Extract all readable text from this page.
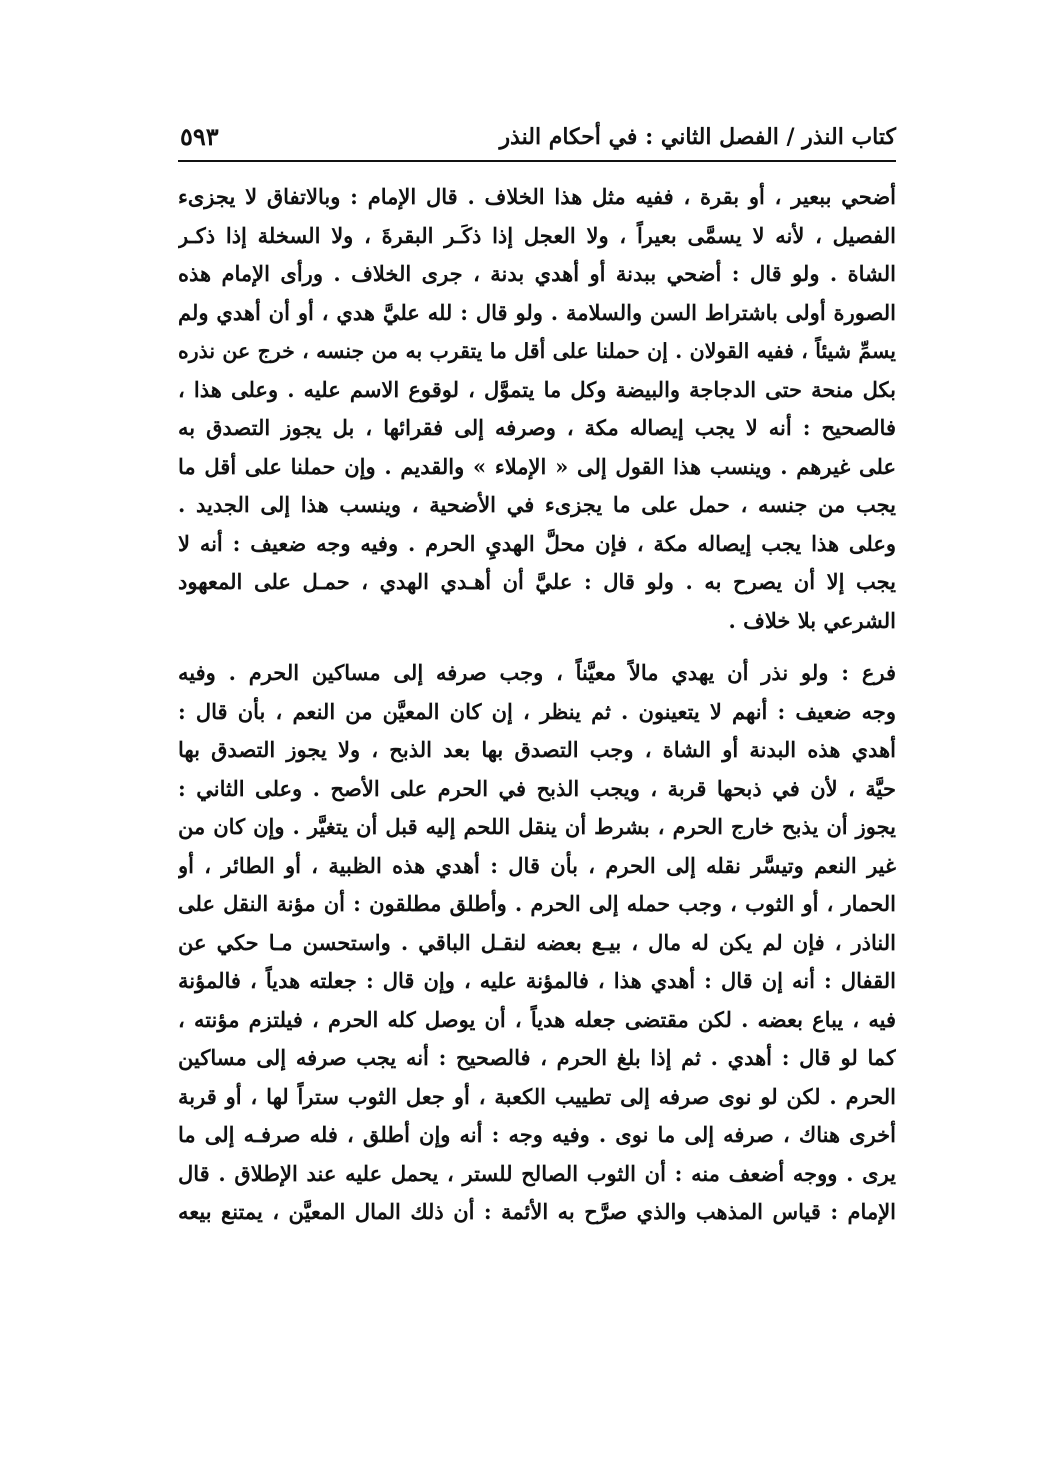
كتاب النذر / الفصل الثاني : في أحكام النذر
٥٩٣
أضحي ببعير ، أو بقرة ، ففيه مثل هذا الخلاف . قال الإمام : وبالاتفاق لا يجزىء
الفصيل ، لأنه لا يسمَّى بعيراً ، ولا العجل إذا ذكَـر البقرةَ ، ولا السخلة إذا ذكـر
الشاة . ولو قال : أضحي ببدنة أو أهدي بدنة ، جرى الخلاف . ورأى الإمام هذه
الصورة أولى باشتراط السن والسلامة . ولو قال : لله عليَّ هدي ، أو أن أهدي ولم
يسمِّ شيئاً ، ففيه القولان . إن حملنا على أقل ما يتقرب به من جنسه ، خرج عن نذره
بكل منحة حتى الدجاجة والبيضة وكل ما يتموَّل ، لوقوع الاسم عليه . وعلى هذا ،
فالصحيح : أنه لا يجب إيصاله مكة ، وصرفه إلى فقرائها ، بل يجوز التصدق به
على غيرهم . وينسب هذا القول إلى « الإملاء » والقديم . وإن حملنا على أقل ما
يجب من جنسه ، حمل على ما يجزىء في الأضحية ، وينسب هذا إلى الجديد .
وعلى هذا يجب إيصاله مكة ، فإن محلَّ الهديِ الحرم . وفيه وجه ضعيف : أنه لا
يجب إلا أن يصرح به . ولو قال : عليَّ أن أهـدي الهدي ، حمـل على المعهود
الشرعي بلا خلاف .
فرع : ولو نذر أن يهدي مالاً معيَّناً ، وجب صرفه إلى مساكين الحرم . وفيه
وجه ضعيف : أنهم لا يتعينون . ثم ينظر ، إن كان المعيَّن من النعم ، بأن قال :
أهدي هذه البدنة أو الشاة ، وجب التصدق بها بعد الذبح ، ولا يجوز التصدق بها
حيَّة ، لأن في ذبحها قربة ، ويجب الذبح في الحرم على الأصح . وعلى الثاني :
يجوز أن يذبح خارج الحرم ، بشرط أن ينقل اللحم إليه قبل أن يتغيَّر . وإن كان من
غير النعم وتيسَّر نقله إلى الحرم ، بأن قال : أهدي هذه الظبية ، أو الطائر ، أو
الحمار ، أو الثوب ، وجب حمله إلى الحرم . وأطلق مطلقون : أن مؤنة النقل على
الناذر ، فإن لم يكن له مال ، بيـع بعضه لنقـل الباقي . واستحسن مـا حكي عن
القفال : أنه إن قال : أهدي هذا ، فالمؤنة عليه ، وإن قال : جعلته هدياً ، فالمؤنة
فيه ، يباع بعضه . لكن مقتضى جعله هدياً ، أن يوصل كله الحرم ، فيلتزم مؤنته ،
كما لو قال : أهدي . ثم إذا بلغ الحرم ، فالصحيح : أنه يجب صرفه إلى مساكين
الحرم . لكن لو نوى صرفه إلى تطييب الكعبة ، أو جعل الثوب ستراً لها ، أو قربة
أخرى هناك ، صرفه إلى ما نوى . وفيه وجه : أنه وإن أطلق ، فله صرفـه إلى ما
يرى . ووجه أضعف منه : أن الثوب الصالح للستر ، يحمل عليه عند الإطلاق . قال
الإمام : قياس المذهب والذي صرَّح به الأئمة : أن ذلك المال المعيَّن ، يمتنع بيعه
